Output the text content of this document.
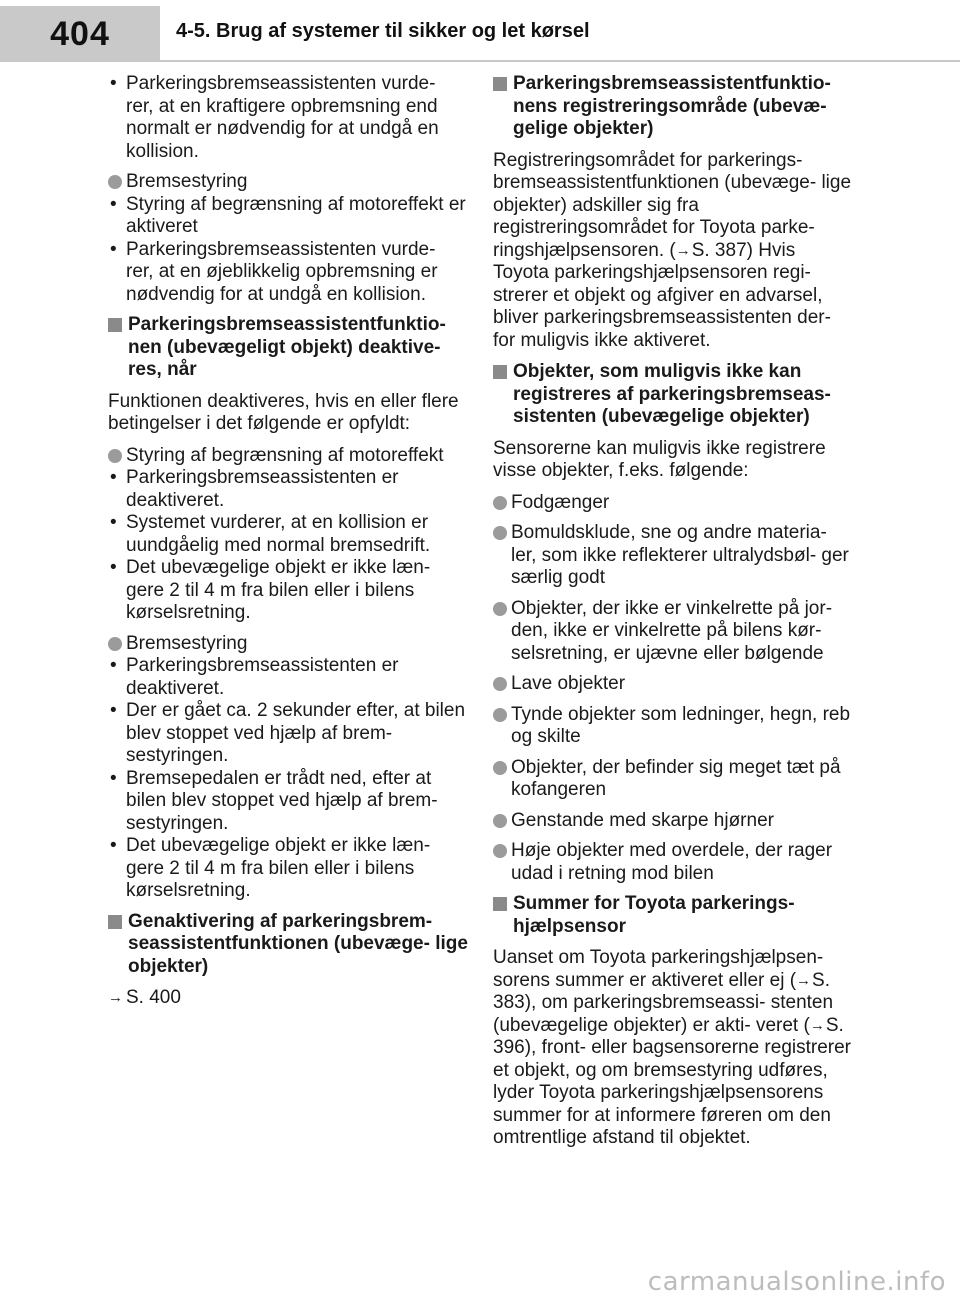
404	4-5. Brug af systemer til sikker og let kørsel
• Parkeringsbremseassistenten vurde- rer, at en kraftigere opbremsning end normalt er nødvendig for at undgå en kollision.
Bremsestyring
• Styring af begrænsning af motoreffekt er aktiveret
• Parkeringsbremseassistenten vurde- rer, at en øjeblikkelig opbremsning er nødvendig for at undgå en kollision.
Parkeringsbremseassistentfunktio- nen (ubevægeligt objekt) deaktive- res, når
Funktionen deaktiveres, hvis en eller flere betingelser i det følgende er opfyldt:
Styring af begrænsning af motoreffekt
• Parkeringsbremseassistenten er deaktiveret.
• Systemet vurderer, at en kollision er uundgåelig med normal bremsedrift.
• Det ubevægelige objekt er ikke læn- gere 2 til 4 m fra bilen eller i bilens kørselsretning.
Bremsestyring
• Parkeringsbremseassistenten er deaktiveret.
• Der er gået ca. 2 sekunder efter, at bilen blev stoppet ved hjælp af brem- sestyringen.
• Bremsepedalen er trådt ned, efter at bilen blev stoppet ved hjælp af brem- sestyringen.
• Det ubevægelige objekt er ikke læn- gere 2 til 4 m fra bilen eller i bilens kørselsretning.
Genaktivering af parkeringsbrem- seassistentfunktionen (ubevæge- lige objekter)
→ S. 400
Parkeringsbremseassistentfunktio- nens registreringsområde (ubevæ- gelige objekter)
Registreringsområdet for parkerings- bremseassistentfunktionen (ubevæge- lige objekter) adskiller sig fra registreringsområdet for Toyota parke- ringshjælpsensoren. (→S. 387) Hvis Toyota parkeringshjælpsensoren regi- strerer et objekt og afgiver en advarsel, bliver parkeringsbremseassistenten der- for muligvis ikke aktiveret.
Objekter, som muligvis ikke kan registreres af parkeringsbremseas- sistenten (ubevægelige objekter)
Sensorerne kan muligvis ikke registrere visse objekter, f.eks. følgende:
Fodgænger
Bomuldsklude, sne og andre materia- ler, som ikke reflekterer ultralydsbøl- ger særlig godt
Objekter, der ikke er vinkelrette på jor- den, ikke er vinkelrette på bilens kør- selsretning, er ujævne eller bølgende
Lave objekter
Tynde objekter som ledninger, hegn, reb og skilte
Objekter, der befinder sig meget tæt på kofangeren
Genstande med skarpe hjørner
Høje objekter med overdele, der rager udad i retning mod bilen
Summer for Toyota parkerings- hjælpsensor
Uanset om Toyota parkeringshjælpsen- sorens summer er aktiveret eller ej (→S. 383), om parkeringsbremseassi- stenten (ubevægelige objekter) er akti- veret (→S. 396), front- eller bagsensorerne registrerer et objekt, og om bremsestyring udføres, lyder Toyota parkeringshjælpsensorens summer for at informere føreren om den omtrentlige afstand til objektet.
carmanualsonline.info
